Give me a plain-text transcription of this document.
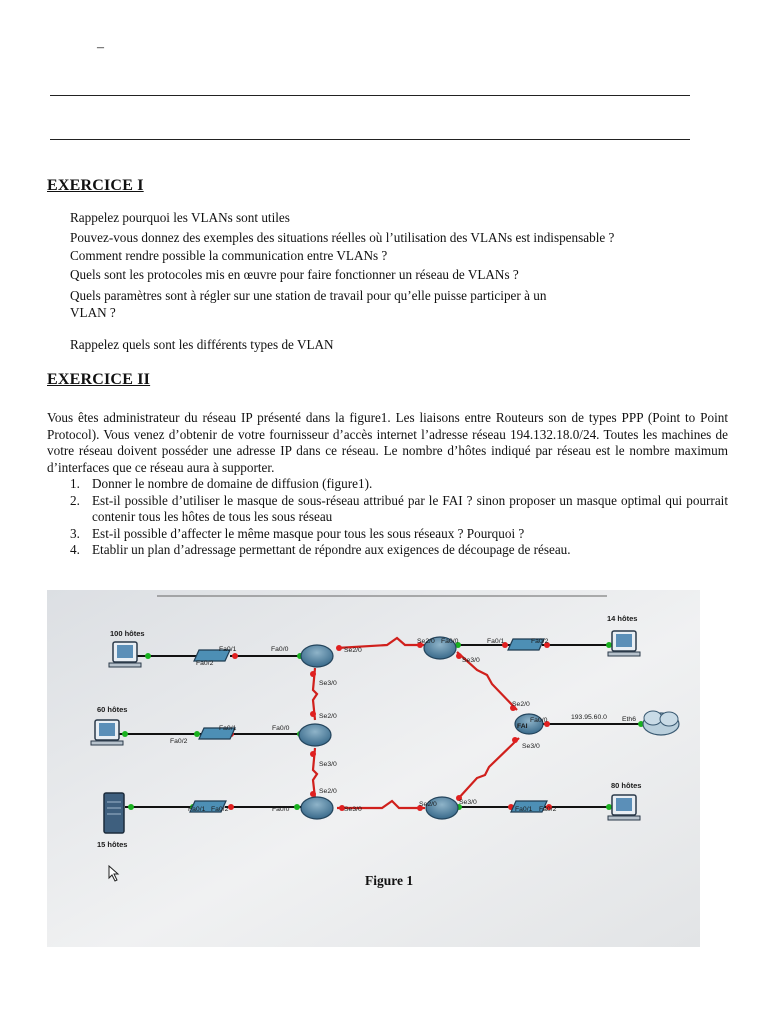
–
EXERCICE I
Rappelez pourquoi les VLANs sont utiles
Pouvez-vous donnez des exemples des situations réelles où l’utilisation des VLANs est indispensable ?
Comment rendre possible la communication entre VLANs ?
Quels sont les protocoles mis en œuvre pour faire fonctionner un réseau de VLANs ?
Quels paramètres sont à régler sur une station de travail pour qu’elle puisse participer à un
VLAN ?
Rappelez quels sont les différents types de VLAN
EXERCICE II
Vous êtes administrateur du réseau IP présenté dans la figure1. Les liaisons entre Routeurs son de types PPP (Point to Point Protocol). Vous venez d’obtenir de votre fournisseur d’accès internet l’adresse réseau 194.132.18.0/24. Toutes les machines de votre réseau doivent posséder une adresse IP dans ce réseau. Le nombre d’hôtes indiqué par réseau est le nombre maximum d’interfaces que ce réseau aura à supporter.
1. Donner le nombre de domaine de diffusion (figure1).
2. Est-il possible d’utiliser le masque de sous-réseau attribué par le FAI ? sinon proposer un masque optimal qui pourrait contenir tous les hôtes de tous les sous réseau
3. Est-il possible d’affecter le même masque pour tous les sous réseaux ? Pourquoi ?
4. Etablir un plan d’adressage permettant de répondre aux exigences de découpage de réseau.
100 hôtes
60 hôtes
15 hôtes
14 hôtes
80 hôtes
Fa0/1
Fa0/2
Fa0/0	Se2/0
Se3/0
Se2/0
Se3/0
Fa0/1
Fa0/2
Fa0/0
Se2/0
Fa0/1 Fa0/2	Fa0/0	Se3/0
Se2/0 Fa0/0
Se3/0
Fa0/1	Fa0/2
Se2/0	Se3/0
Fa0/1 Fa0/2
Se2/0
Fa0/0
Se3/0
FAI
193.95.60.0 Eth6
Figure 1
